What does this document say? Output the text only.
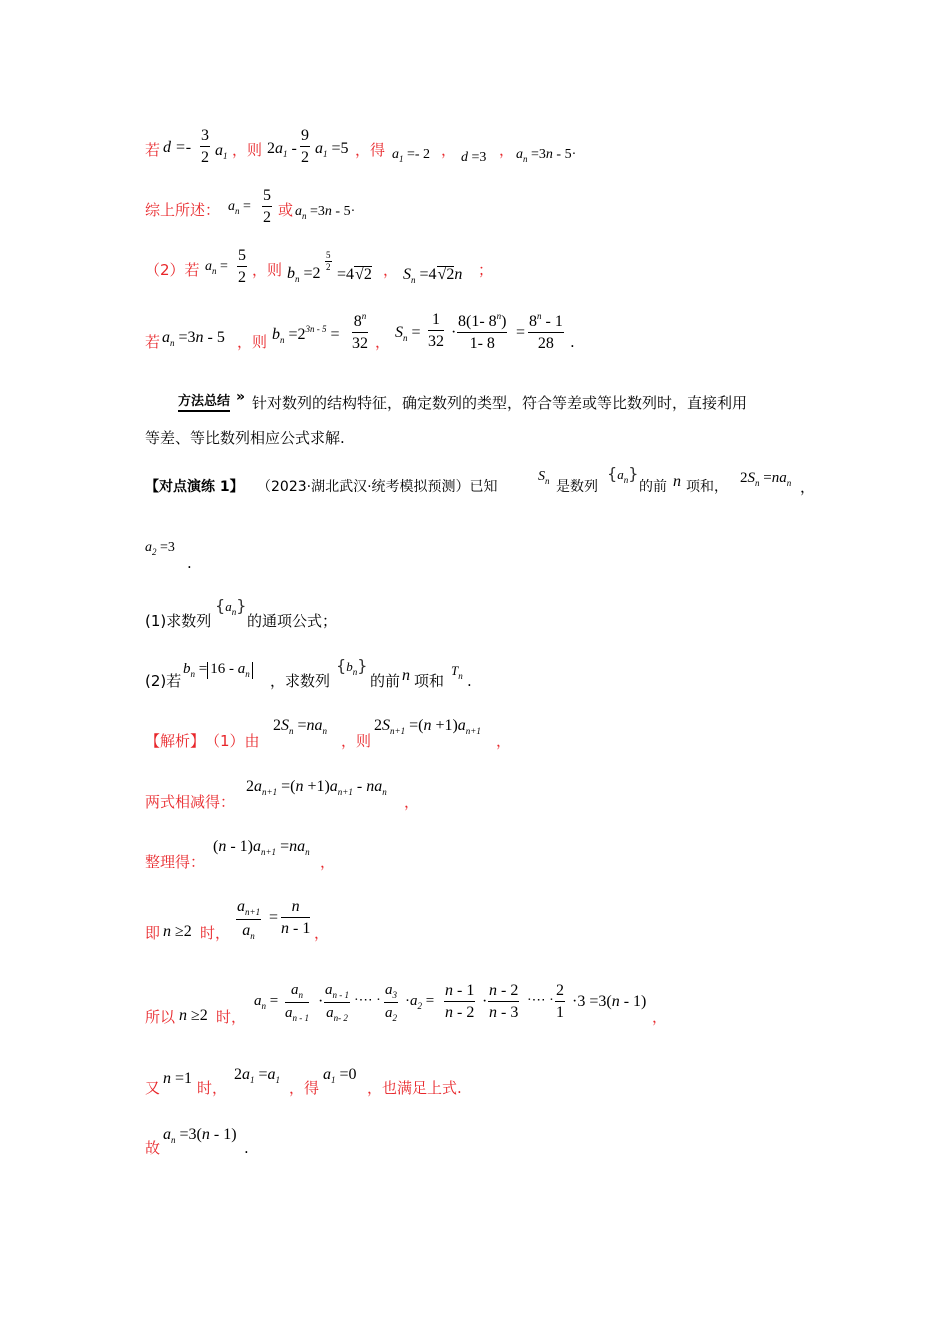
若 $d =- \frac{3}{2} a_1$ ，则 $2a_1 - \frac{9}{2} a_1 =5$ ，得 $a_1 =- 2$ ， d =3 ， $a_n =3n - 5\cdot$
综上所述： $a_n = \frac{5}{2}$ 或 $a_n =3n - 5\cdot$
（2）若 $a_n = \frac{5}{2}$ ，则 $b_n =2$
$\frac{5}{2}$
=4√2 ， $S_n =4√2n$ ；
若 $a_n =3n - 5$ ，则 $b_n =2^{3n - 5} = \frac{8^n}{32}$ ，
$S_n = \frac{1}{32} \cdot \frac{8(1- 8^n)}{1- 8} = \frac{8^n - 1}{28}$ .
方法总结 » 针对数列的结构特征，确定数列的类型，符合等差或等比数列时，直接利用
等差、等比数列相应公式求解.
【对点演练 1】 （2023·湖北武汉·统考模拟预测）已知
$S_n$ 是数列
$\{a_n\}$
的前 n 项和，
$2S_n =na_n$ ，
$a_2 =3$
.
(1)求数列
$\{a_n\}$
的通项公式；
(2)若
$b_n = 16 - a_n$ ，求数列
$\{b_n\}$
的前 n 项和
$T_n$ .
【解析】 （1）由
$2S_n =na_n$
，则
$2S_{n+1} =(n +1)a_{n+1}$
，
两式相减得：
$2a_{n+1} =(n +1)a_{n+1} - na_n$
，
整理得：
$(n - 1)a_{n+1} =na_n$
，
即 n ≥2 时， $\frac{a_{n+1}}{a_n} = \frac{n}{n - 1}$ ，
所以 n ≥2 时，
$a_n = \frac{a_n}{a_{n - 1}} \cdot \frac{a_{n - 1}}{a_{n- 2}}$ ·⋯ · $\frac{a_3}{a_2} \cdot a_2 = \frac{n - 1}{n - 2} \cdot \frac{n - 2}{n - 3}$ ·⋯ · $\frac{2}{1} \cdot 3 =3(n - 1)$
，
又
n =1
时，
$2a_1 =a_1$ ，得
$a_1 =0$
，也满足上式.
故
$a_n =3(n - 1)$
.
